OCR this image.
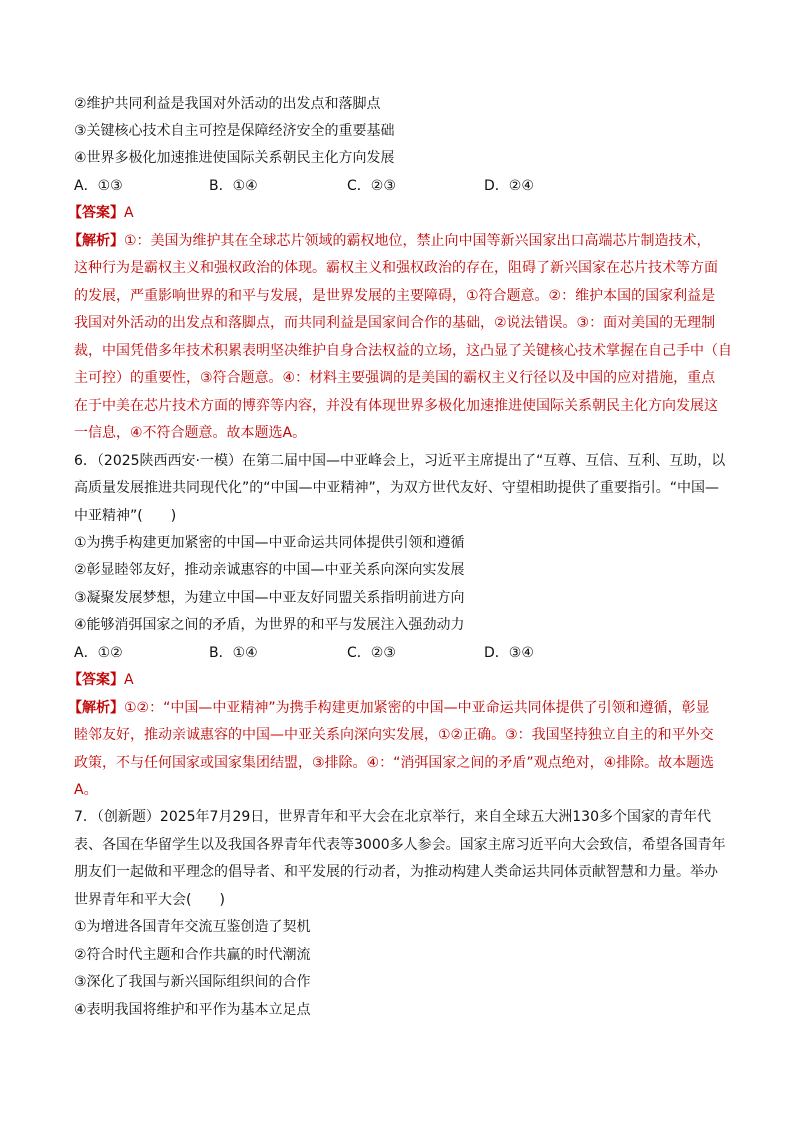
②维护共同利益是我国对外活动的出发点和落脚点
③关键核心技术自主可控是保障经济安全的重要基础
④世界多极化加速推进使国际关系朝民主化方向发展
A．①③	B．①④	C．②③	D．②④
【答案】A
【解析】①：美国为维护其在全球芯片领域的霸权地位，禁止向中国等新兴国家出口高端芯片制造技术，
这种行为是霸权主义和强权政治的体现。霸权主义和强权政治的存在，阻碍了新兴国家在芯片技术等方面
的发展，严重影响世界的和平与发展，是世界发展的主要障碍，①符合题意。②：维护本国的国家利益是
我国对外活动的出发点和落脚点，而共同利益是国家间合作的基础，②说法错误。③：面对美国的无理制
裁，中国凭借多年技术积累表明坚决维护自身合法权益的立场，这凸显了关键核心技术掌握在自己手中（自
主可控）的重要性，③符合题意。④：材料主要强调的是美国的霸权主义行径以及中国的应对措施，重点
在于中美在芯片技术方面的博弈等内容，并没有体现世界多极化加速推进使国际关系朝民主化方向发展这
一信息，④不符合题意。故本题选A。
6．（2025陕西西安·一模）在第二届中国—中亚峰会上，习近平主席提出了“互尊、互信、互利、互助，以
高质量发展推进共同现代化”的“中国—中亚精神”，为双方世代友好、守望相助提供了重要指引。“中国—
中亚精神”(　　)
①为携手构建更加紧密的中国—中亚命运共同体提供引领和遵循
②彰显睦邻友好，推动亲诚惠容的中国—中亚关系向深向实发展
③凝聚发展梦想，为建立中国—中亚友好同盟关系指明前进方向
④能够消弭国家之间的矛盾，为世界的和平与发展注入强劲动力
A．①②	B．①④	C．②③	D．③④
【答案】A
【解析】①②：“中国—中亚精神”为携手构建更加紧密的中国—中亚命运共同体提供了引领和遵循，彰显
睦邻友好，推动亲诚惠容的中国—中亚关系向深向实发展，①②正确。③：我国坚持独立自主的和平外交
政策，不与任何国家或国家集团结盟，③排除。④：“消弭国家之间的矛盾”观点绝对，④排除。故本题选
A。
7．（创新题）2025年7月29日，世界青年和平大会在北京举行，来自全球五大洲130多个国家的青年代
表、各国在华留学生以及我国各界青年代表等3000多人参会。国家主席习近平向大会致信，希望各国青年
朋友们一起做和平理念的倡导者、和平发展的行动者，为推动构建人类命运共同体贡献智慧和力量。举办
世界青年和平大会(　　)
①为增进各国青年交流互鉴创造了契机
②符合时代主题和合作共赢的时代潮流
③深化了我国与新兴国际组织间的合作
④表明我国将维护和平作为基本立足点
